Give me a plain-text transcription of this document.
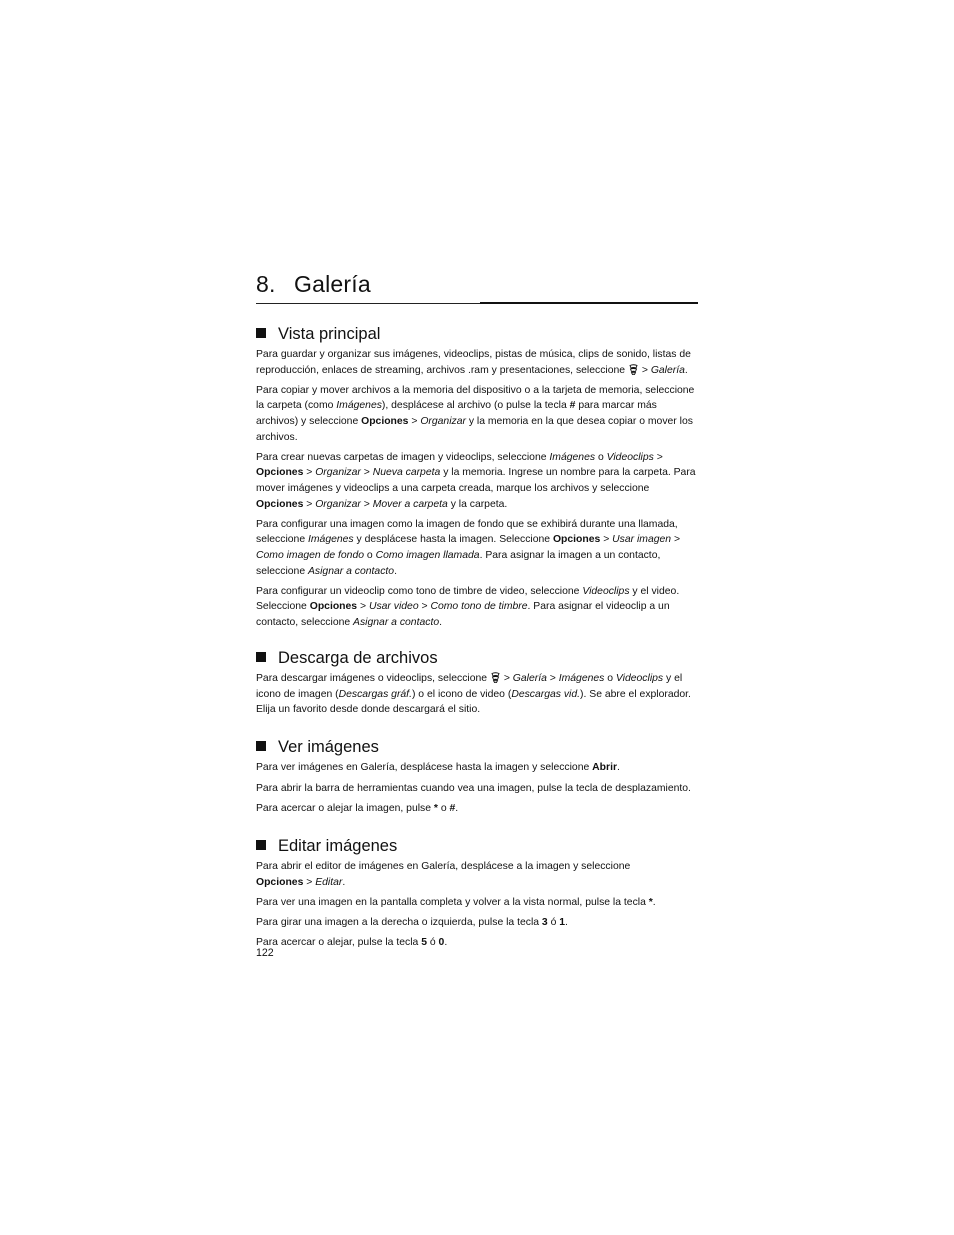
8. Galería
Vista principal

Para guardar y organizar sus imágenes, videoclips, pistas de música, clips de sonido, listas de reproducción, enlaces de streaming, archivos .ram y presentaciones, seleccione > Galería.

Para copiar y mover archivos a la memoria del dispositivo o a la tarjeta de memoria, seleccione la carpeta (como Imágenes), desplácese al archivo (o pulse la tecla # para marcar más archivos) y seleccione Opciones > Organizar y la memoria en la que desea copiar o mover los archivos.

Para crear nuevas carpetas de imagen y videoclips, seleccione Imágenes o Videoclips > Opciones > Organizar > Nueva carpeta y la memoria. Ingrese un nombre para la carpeta. Para mover imágenes y videoclips a una carpeta creada, marque los archivos y seleccione Opciones > Organizar > Mover a carpeta y la carpeta.

Para configurar una imagen como la imagen de fondo que se exhibirá durante una llamada, seleccione Imágenes y desplácese hasta la imagen. Seleccione Opciones > Usar imagen > Como imagen de fondo o Como imagen llamada. Para asignar la imagen a un contacto, seleccione Asignar a contacto.

Para configurar un videoclip como tono de timbre de video, seleccione Videoclips y el video. Seleccione Opciones > Usar video > Como tono de timbre. Para asignar el videoclip a un contacto, seleccione Asignar a contacto.

Descarga de archivos

Para descargar imágenes o videoclips, seleccione > Galería > Imágenes o Videoclips y el icono de imagen (Descargas gráf.) o el icono de video (Descargas vid.). Se abre el explorador. Elija un favorito desde donde descargará el sitio.

Ver imágenes

Para ver imágenes en Galería, desplácese hasta la imagen y seleccione Abrir.

Para abrir la barra de herramientas cuando vea una imagen, pulse la tecla de desplazamiento.

Para acercar o alejar la imagen, pulse * o #.

Editar imágenes

Para abrir el editor de imágenes en Galería, desplácese a la imagen y seleccione
Opciones > Editar.

Para ver una imagen en la pantalla completa y volver a la vista normal, pulse la tecla *.

Para girar una imagen a la derecha o izquierda, pulse la tecla 3 ó 1.

Para acercar o alejar, pulse la tecla 5 ó 0.

122
